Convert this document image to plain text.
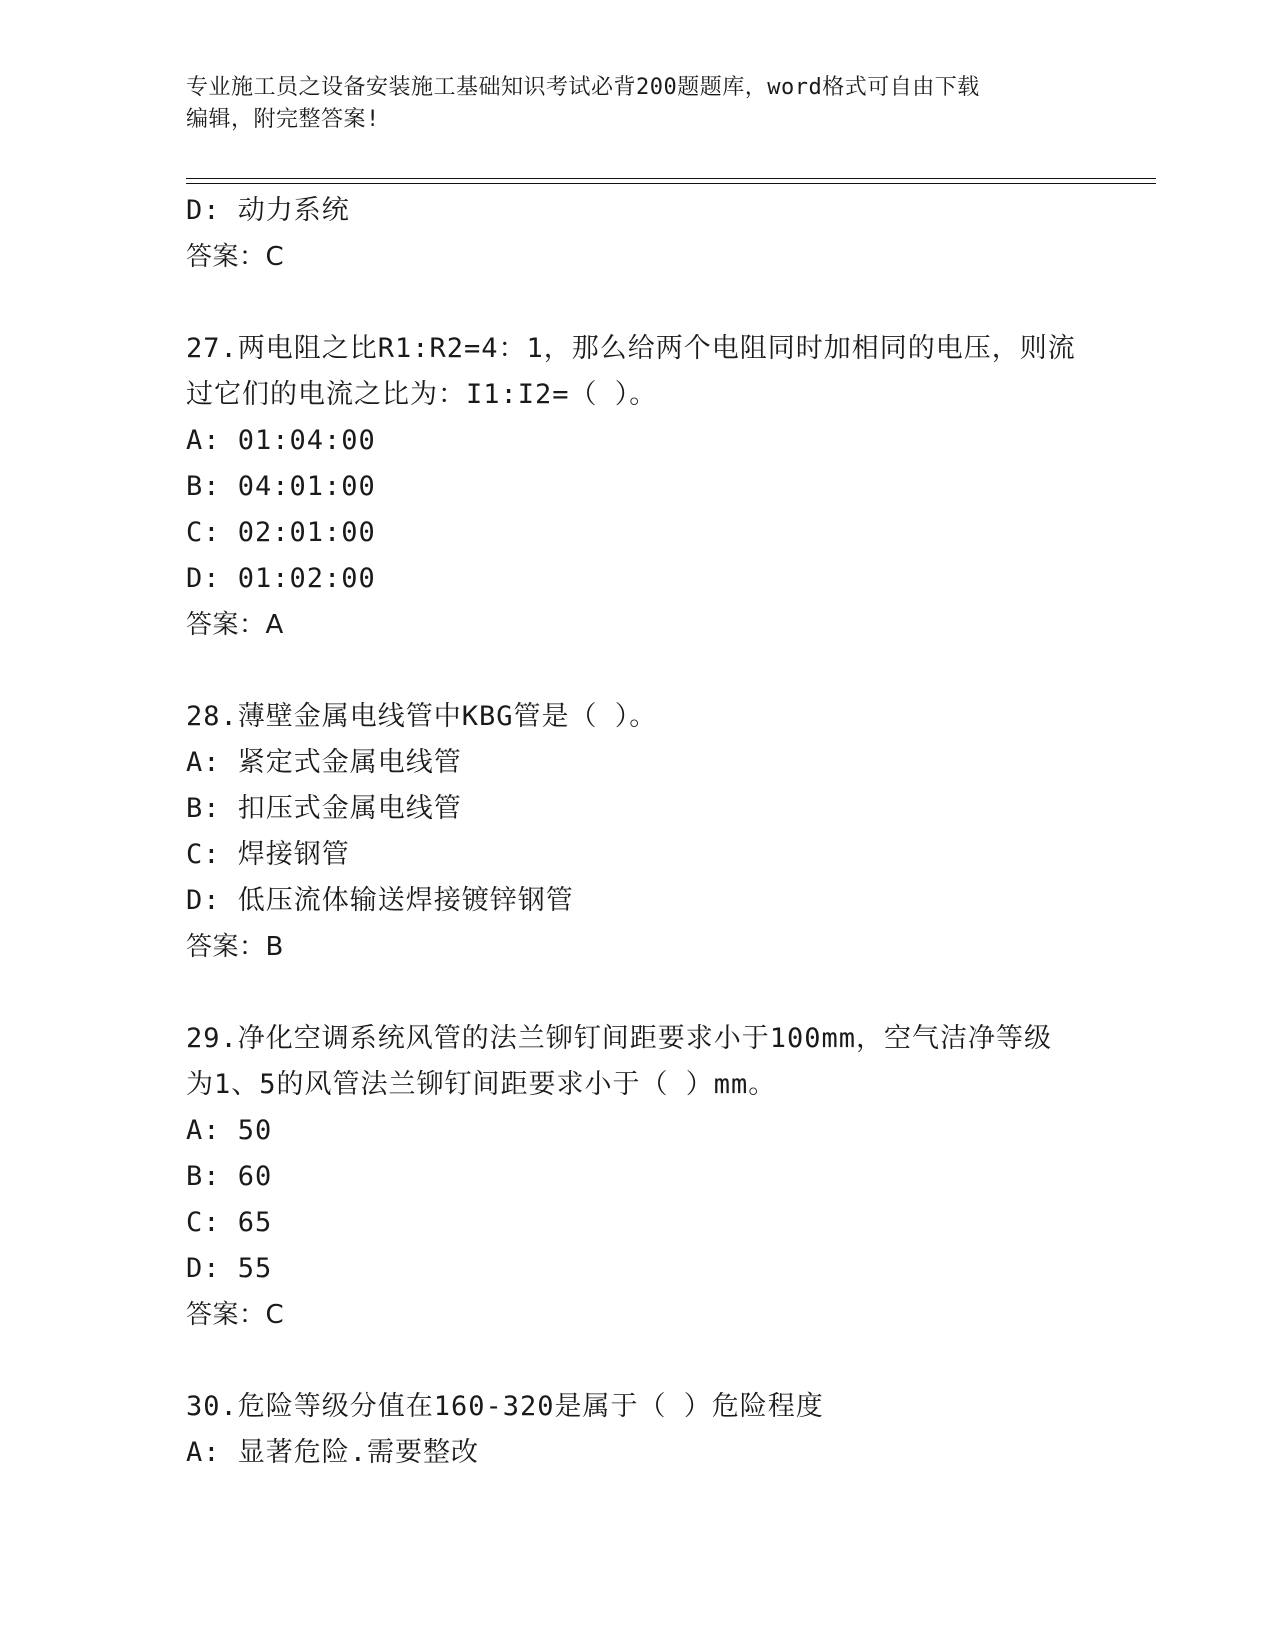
专业施工员之设备安装施工基础知识考试必背200题题库，word格式可自由下载
编辑，附完整答案!
D: 动力系统
答案：C
27.两电阻之比R1:R2=4：1，那么给两个电阻同时加相同的电压，则流
过它们的电流之比为：I1:I2=（ ）。
A: 01:04:00
B: 04:01:00
C: 02:01:00
D: 01:02:00
答案：A
28.薄壁金属电线管中KBG管是（ ）。
A: 紧定式金属电线管
B: 扣压式金属电线管
C: 焊接钢管
D: 低压流体输送焊接镀锌钢管
答案：B
29.净化空调系统风管的法兰铆钉间距要求小于100mm，空气洁净等级
为1、5的风管法兰铆钉间距要求小于（ ）mm。
A: 50
B: 60
C: 65
D: 55
答案：C
30.危险等级分值在160-320是属于（ ）危险程度
A: 显著危险.需要整改
